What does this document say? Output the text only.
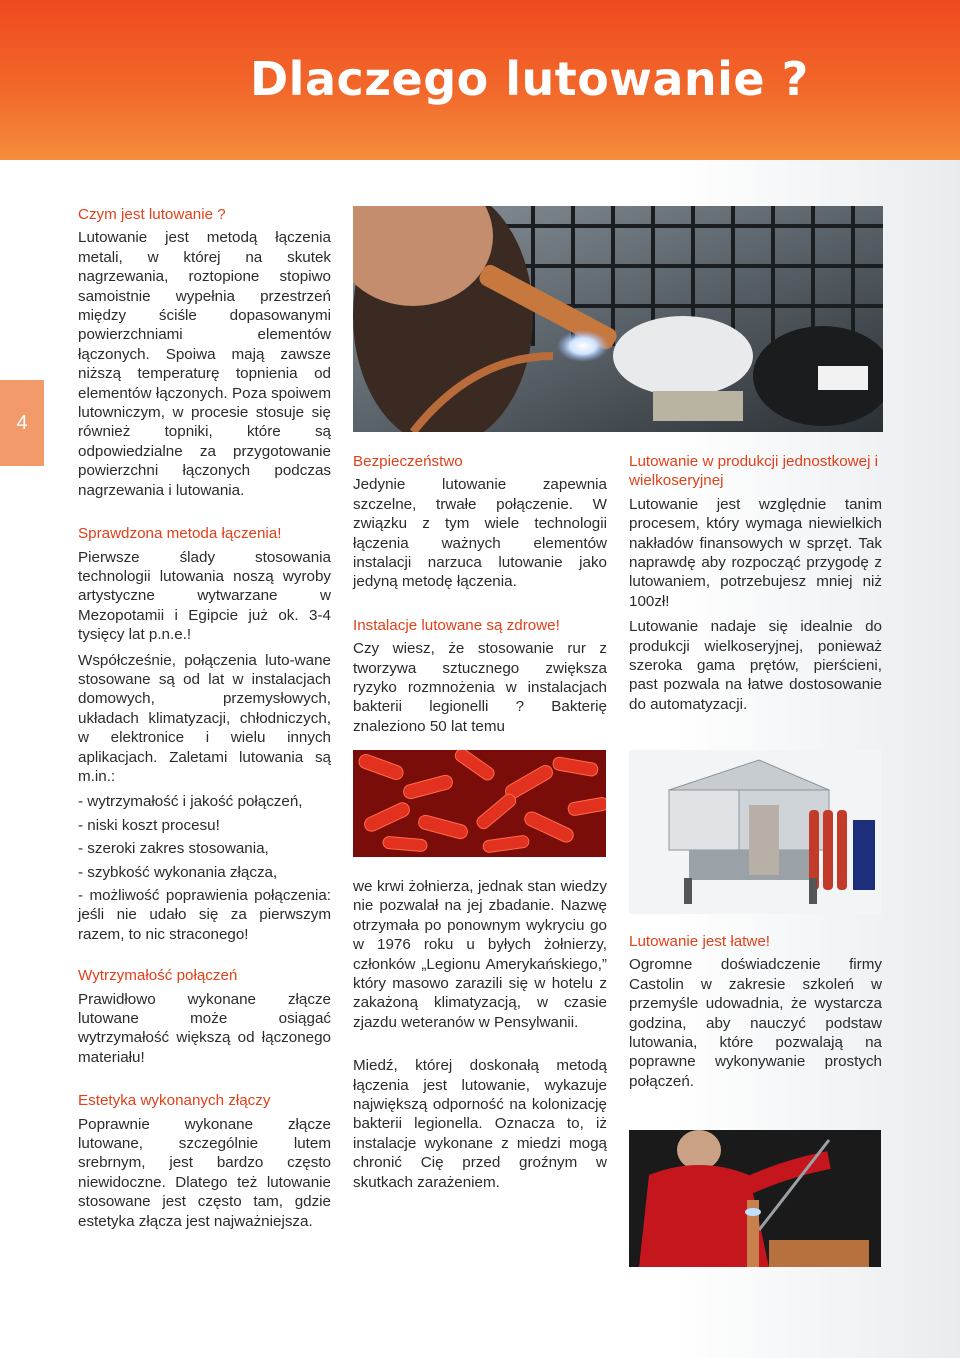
Dlaczego lutowanie ?
4
Czym jest lutowanie ?

Lutowanie jest metodą łączenia metali, w której na skutek nagrzewania, roztopione stopiwo samoistnie wypełnia przestrzeń między ściśle dopasowanymi powierzchniami elementów łączonych. Spoiwa mają zawsze niższą temperaturę topnienia od elementów łączonych. Poza spoiwem lutowniczym, w procesie stosuje się również topniki, które są odpowiedzialne za przygotowanie powierzchni łączonych podczas nagrzewania i lutowania.

Sprawdzona metoda łączenia!

Pierwsze ślady stosowania technologii lutowania noszą wyroby artystyczne wytwarzane w Mezopotamii i Egipcie już ok. 3-4 tysięcy lat p.n.e.!

Współcześnie, połączenia luto-wane stosowane są od lat w instalacjach domowych, przemysłowych, układach klimatyzacji, chłodniczych, w elektronice i wielu innych aplikacjach. Zaletami lutowania są m.in.:

- wytrzymałość i jakość połączeń,

- niski koszt procesu!

- szeroki zakres stosowania,

- szybkość wykonania złącza,

- możliwość poprawienia połączenia: jeśli nie udało się za pierwszym razem, to nic straconego!

Wytrzymałość połączeń

Prawidłowo wykonane złącze lutowane może osiągać wytrzymałość większą od łączonego materiału!

Estetyka wykonanych złączy

Poprawnie wykonane złącze lutowane, szczególnie lutem srebrnym, jest bardzo często niewidoczne. Dlatego też lutowanie stosowane jest często tam, gdzie estetyka złącza jest najważniejsza.

Bezpieczeństwo

Jedynie lutowanie zapewnia szczelne, trwałe połączenie. W związku z tym wiele technologii łączenia ważnych elementów instalacji narzuca lutowanie jako jedyną metodę łączenia.

Instalacje lutowane są zdrowe!

Czy wiesz, że stosowanie rur z tworzywa sztucznego zwiększa ryzyko rozmnożenia w instalacjach bakterii legionelli ? Bakterię znaleziono 50 lat temu

we krwi żołnierza, jednak stan wiedzy nie pozwalał na jej zbadanie. Nazwę otrzymała po ponownym wykryciu go w 1976 roku u byłych żołnierzy, członków „Legionu Amerykańskiego,” który masowo zarazili się w hotelu z zakażoną klimatyzacją, w czasie zjazdu weteranów w Pensylwanii.

Miedź, której doskonałą metodą łączenia jest lutowanie, wykazuje największą odporność na kolonizację bakterii legionella. Oznacza to, iż instalacje wykonane z miedzi mogą chronić Cię przed groźnym w skutkach zarażeniem.

Lutowanie w produkcji jednostkowej i wielkoseryjnej

Lutowanie jest względnie tanim procesem, który wymaga niewielkich nakładów finansowych w sprzęt. Tak naprawdę aby rozpocząć przygodę z lutowaniem, potrzebujesz mniej niż 100zł!

Lutowanie nadaje się idealnie do produkcji wielkoseryjnej, ponieważ szeroka gama prętów, pierścieni, past pozwala na łatwe dostosowanie do automatyzacji.

Lutowanie jest łatwe!

Ogromne doświadczenie firmy Castolin w zakresie szkoleń w przemyśle udowadnia, że wystarcza godzina, aby nauczyć podstaw lutowania, które pozwalają na poprawne wykonywanie prostych połączeń.
